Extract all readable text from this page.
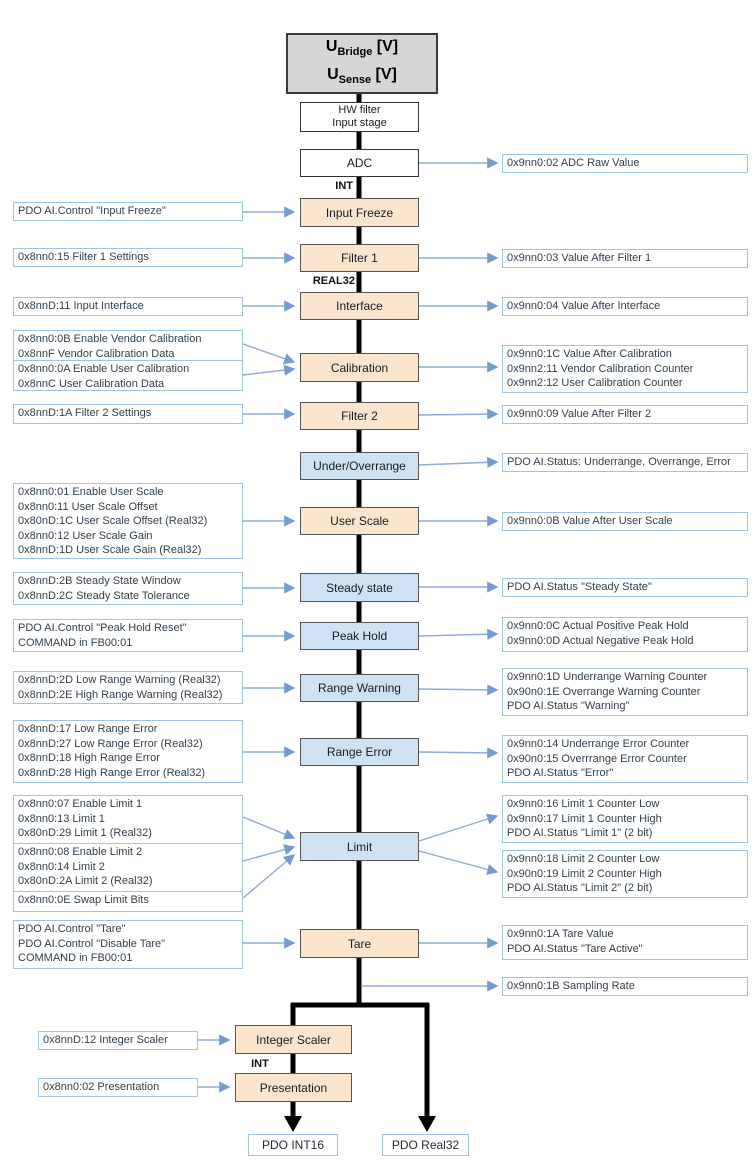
$U_{Bridge}$ [V]
$U_{Sense}$ [V]
HW filter
Input stage
ADC
INT
Input Freeze
Filter 1
REAL32
Interface
Calibration
Filter 2
Under/Overrange
User Scale
Steady state
Peak Hold
Range Warning
Range Error
Limit
Tare
Integer Scaler
INT
Presentation
PDO INT16	PDO Real32
PDO AI.Control "Input Freeze"
0x8nn0:15 Filter 1 Settings
0x8nnD:11 Input Interface
0x8nn0:0B Enable Vendor Calibration
0x8nnF Vendor Calibration Data
0x8nn0:0A Enable User Calibration
0x8nnC User Calibration Data
0x8nnD:1A Filter 2 Settings
0x8nn0:01 Enable User Scale
0x8nn0:11 User Scale Offset
0x80nD:1C User Scale Offset (Real32)
0x8nn0:12 User Scale Gain
0x8nnD:1D User Scale Gain (Real32)
0x8nnD:2B Steady State Window
0x8nnD:2C Steady State Tolerance
PDO AI.Control "Peak Hold Reset"
COMMAND in FB00:01
0x8nnD:2D Low Range Warning (Real32)
0x8nnD:2E High Range Warning (Real32)
0x8nnD:17 Low Range Error
0x8nnD:27 Low Range Error (Real32)
0x8nnD:18 High Range Error
0x8nnD:28 High Range Error (Real32)
0x8nn0:07 Enable Limit 1
0x8nn0:13 Limit 1
0x80nD:29 Limit 1 (Real32)
0x8nn0:08 Enable Limit 2
0x8nn0:14 Limit 2
0x80nD:2A Limit 2 (Real32)
0x8nn0:0E Swap Limit Bits
PDO AI.Control "Tare"
PDO AI.Control "Disable Tare"
COMMAND in FB00:01
0x8nnD:12 Integer Scaler
0x8nn0:02 Presentation
0x9nn0:02 ADC Raw Value
0x9nn0:03 Value After Filter 1
0x9nn0:04 Value After Interface
0x9nn0:1C Value After Calibration
0x9nn2:11 Vendor Calibration Counter
0x9nn2:12 User Calibration Counter
0x9nn0:09 Value After Filter 2
PDO AI.Status: Underrange, Overrange, Error
0x9nn0:0B Value After User Scale
PDO AI.Status "Steady State"
0x9nn0:0C Actual Positive Peak Hold
0x9nn0:0D Actual Negative Peak Hold
0x9nn0:1D Underrange Warning Counter
0x90n0:1E Overrange Warning Counter
PDO AI.Status "Warning"
0x9nn0:14 Underrange Error Counter
0x90n0:15 Overrrange Error Counter
PDO AI.Status "Error"
0x9nn0:16 Limit 1 Counter Low
0x9nn0:17 Limit 1 Counter High
PDO AI.Status "Limit 1" (2 bit)
0x9nn0:18 Limit 2 Counter Low
0x90n0:19 Limit 2 Counter High
PDO AI.Status "Limit 2" (2 bit)
0x9nn0:1A Tare Value
PDO AI.Status "Tare Active"
0x9nn0:1B Sampling Rate
